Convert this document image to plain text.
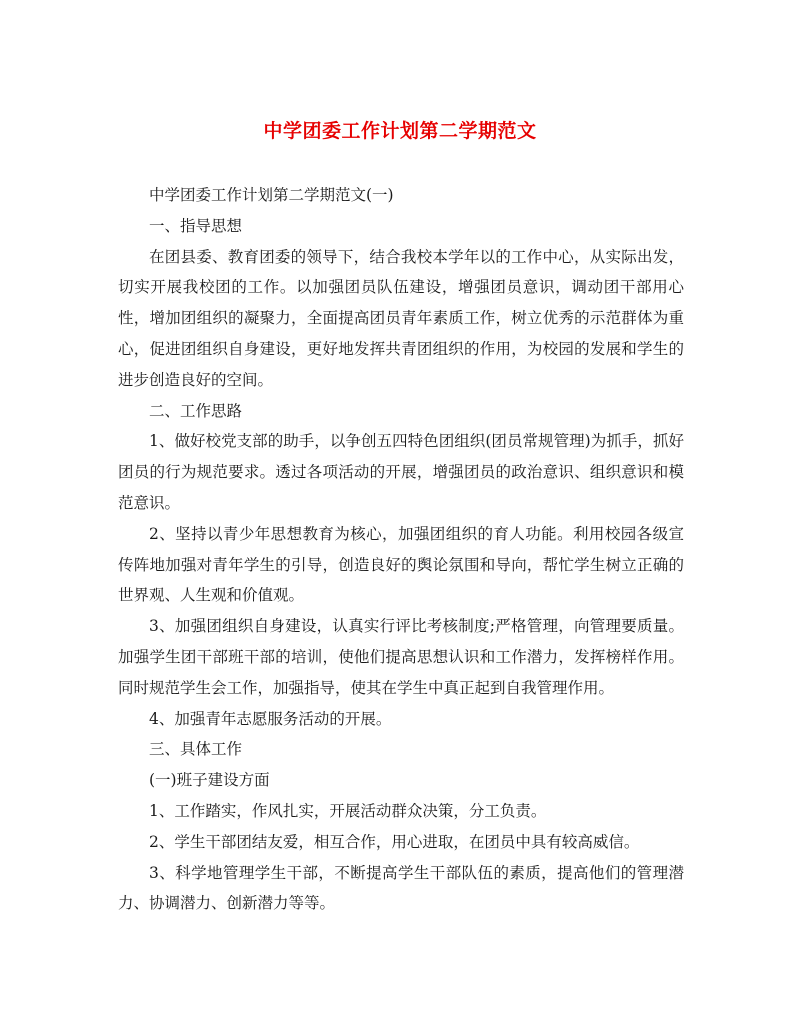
中学团委工作计划第二学期范文

中学团委工作计划第二学期范文(一)

一、指导思想

在团县委、教育团委的领导下，结合我校本学年以的工作中心，从实际出发，切实开展我校团的工作。以加强团员队伍建设，增强团员意识，调动团干部用心性，增加团组织的凝聚力，全面提高团员青年素质工作，树立优秀的示范群体为重心，促进团组织自身建设，更好地发挥共青团组织的作用，为校园的发展和学生的进步创造良好的空间。

二、工作思路

1、做好校党支部的助手，以争创五四特色团组织(团员常规管理)为抓手，抓好团员的行为规范要求。透过各项活动的开展，增强团员的政治意识、组织意识和模范意识。

2、坚持以青少年思想教育为核心，加强团组织的育人功能。利用校园各级宣传阵地加强对青年学生的引导，创造良好的舆论氛围和导向，帮忙学生树立正确的世界观、人生观和价值观。

3、加强团组织自身建设，认真实行评比考核制度;严格管理，向管理要质量。加强学生团干部班干部的培训，使他们提高思想认识和工作潜力，发挥榜样作用。同时规范学生会工作，加强指导，使其在学生中真正起到自我管理作用。

4、加强青年志愿服务活动的开展。

三、具体工作

(一)班子建设方面

1、工作踏实，作风扎实，开展活动群众决策，分工负责。

2、学生干部团结友爱，相互合作，用心进取，在团员中具有较高威信。

3、科学地管理学生干部，不断提高学生干部队伍的素质，提高他们的管理潜力、协调潜力、创新潜力等等。
